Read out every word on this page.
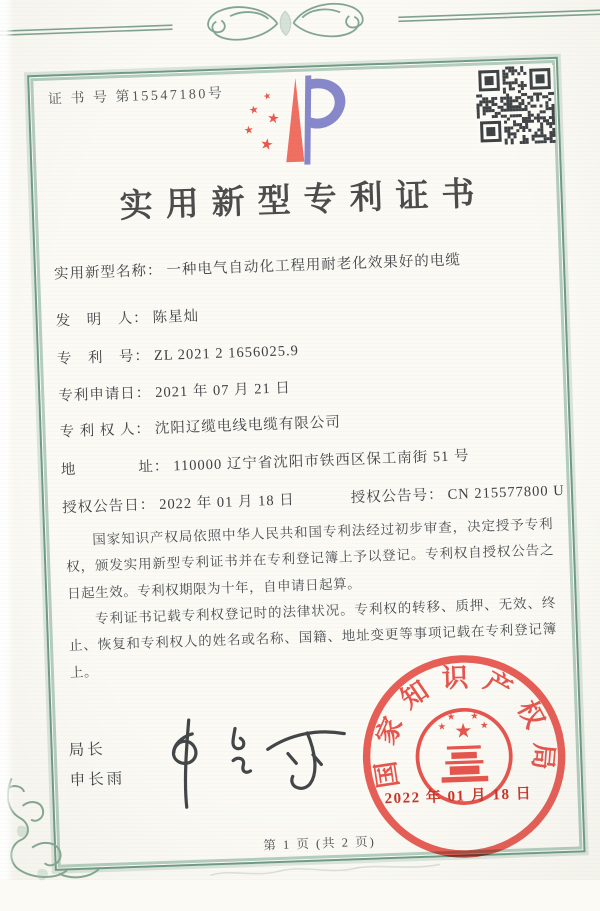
证 书 号 第15547180号	★
★
★
★
★
实用新型专利证书
实用新型名称： 一种电气自动化工程用耐老化效果好的电缆
发　明　人： 陈星灿
专　利　号： ZL 2021 2 1656025.9
专利申请日： 2021 年 07 月 21 日
专 利 权 人： 沈阳辽缆电线电缆有限公司
地　　　　址： 110000 辽宁省沈阳市铁西区保工南街 51 号
授权公告日： 2022 年 01 月 18 日	授权公告号： CN 215577800 U

国家知识产权局依照中华人民共和国专利法经过初步审查，决定授予专利权，颁发实用新型专利证书并在专利登记簿上予以登记。专利权自授权公告之日起生效。专利权期限为十年，自申请日起算。

专利证书记载专利权登记时的法律状况。专利权的转移、质押、无效、终止、恢复和专利权人的姓名或名称、国籍、地址变更等事项记载在专利登记簿上。

局长
申长雨	国家知识产权局
★
★
★ ★
★
2022 年 01 月 18 日
第 1 页 (共 2 页)
